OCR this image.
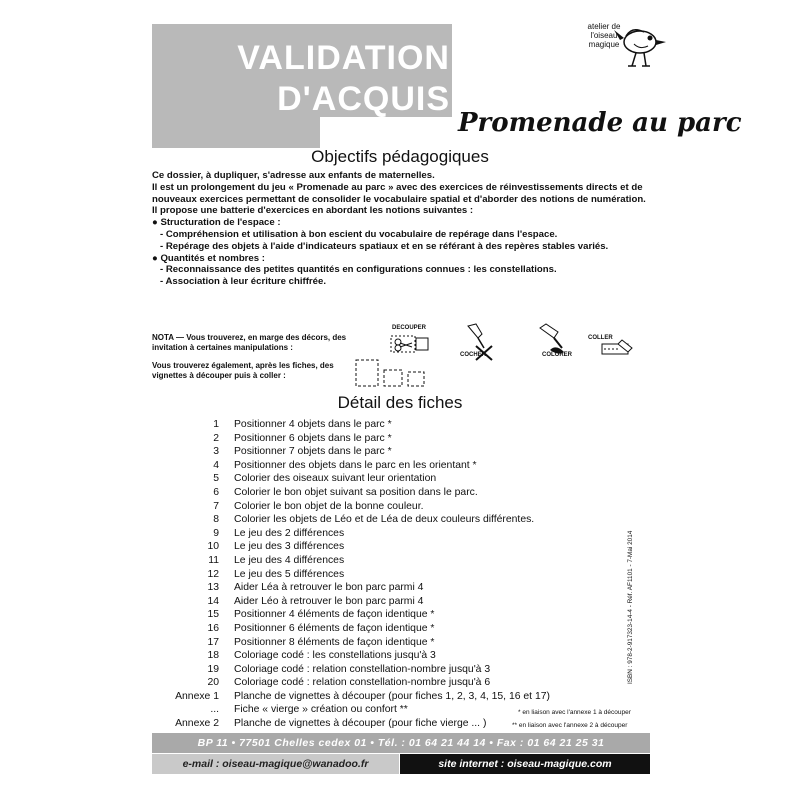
VALIDATION
D'ACQUIS
du jeu	Promenade au parc
atelier de l'oiseau magique
Objectifs pédagogiques

Ce dossier, à dupliquer, s'adresse aux enfants de maternelles.

Il est un prolongement du jeu « Promenade au parc » avec des exercices de réinvestissements directs et de nouveaux exercices permettant de consolider le vocabulaire spatial et d'aborder des notions de numération.

Il propose une batterie d'exercices en abordant les notions suivantes :

● Structuration de l'espace :

- Compréhension et utilisation à bon escient du vocabulaire de repérage dans l'espace.

- Repérage des objets à l'aide d'indicateurs spatiaux et en se référant à des repères stables variés.

● Quantités et nombres :

- Reconnaissance des petites quantités en configurations connues : les constellations.

- Association à leur écriture chiffrée.

NOTA — Vous trouverez, en marge des décors, des invitation à certaines manipulations :

Vous trouverez également, après les fiches, des vignettes à découper puis à coller :

DECOUPER
COCHER	COLORER
COLLER
Détail des fiches
1 Positionner 4 objets dans le parc *
2 Positionner 6 objets dans le parc *
3 Positionner 7 objets dans le parc *
4 Positionner des objets dans le parc en les orientant *
5 Colorier des oiseaux suivant leur orientation
6 Colorier le bon objet suivant sa position dans le parc.
7 Colorier le bon objet de la bonne couleur.
8 Colorier les objets de Léo et de Léa de deux couleurs différentes.
9 Le jeu des 2 différences
10 Le jeu des 3 différences
11 Le jeu des 4 différences
12 Le jeu des 5 différences
13 Aider Léa à retrouver le bon parc parmi 4
14 Aider Léo à retrouver le bon parc parmi 4
15 Positionner 4 éléments de façon identique *
16 Positionner 6 éléments de façon identique *
17 Positionner 8 éléments de façon identique *
18 Coloriage codé : les constellations jusqu'à 3
19 Coloriage codé : relation constellation-nombre jusqu'à 3
20 Coloriage codé : relation constellation-nombre jusqu'à 6
Annexe 1 Planche de vignettes à découper (pour fiches 1, 2, 3, 4, 15, 16 et 17)
... Fiche « vierge » création ou confort **
Annexe 2 Planche de vignettes à découper (pour fiche vierge ... )
* en liaison avec l'annexe 1 à découper
** en liaison avec l'annexe 2 à découper
ISBN : 978-2-917323-14-4 - Réf. AF1101 - 7-Mai 2014
BP 11 • 77501 Chelles cedex 01 • Tél. : 01 64 21 44 14 • Fax : 01 64 21 25 31
e-mail : oiseau-magique@wanadoo.fr	site internet : oiseau-magique.com
